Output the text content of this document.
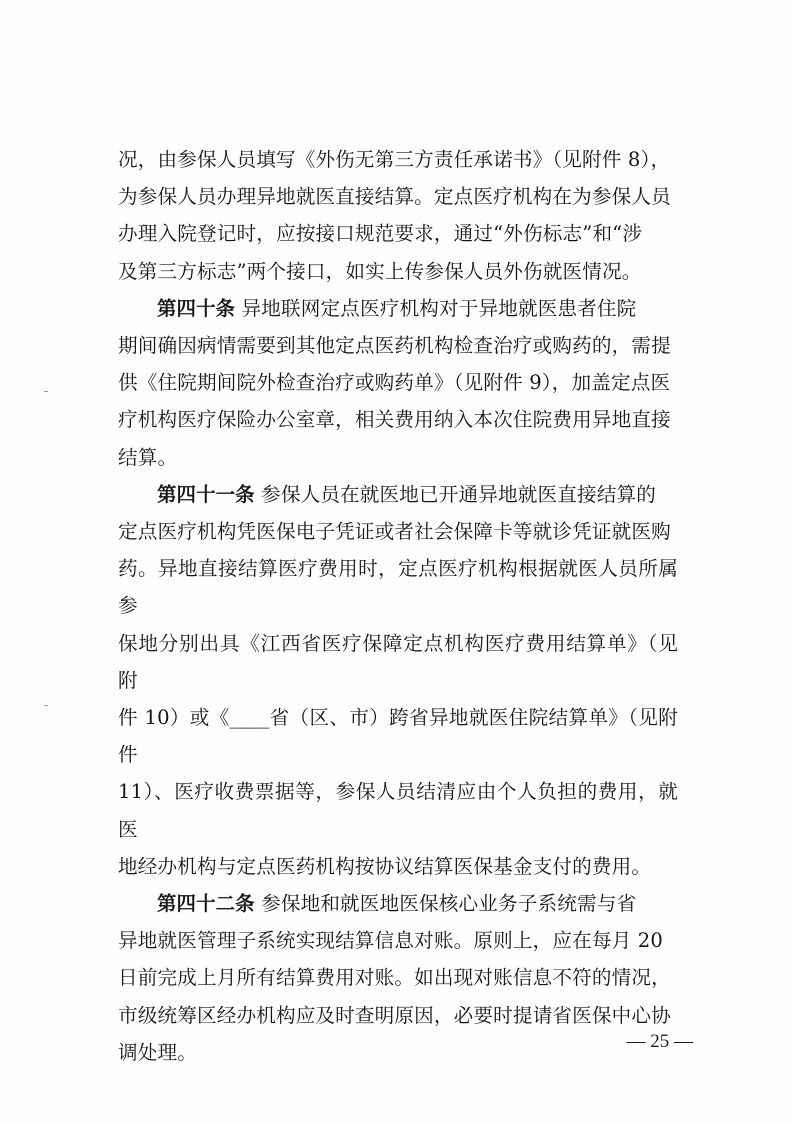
况，由参保人员填写《外伤无第三方责任承诺书》（见附件 8），

为参保人员办理异地就医直接结算。定点医疗机构在为参保人员

办理入院登记时，应按接口规范要求，通过“外伤标志”和“涉

及第三方标志”两个接口，如实上传参保人员外伤就医情况。

第四十条 异地联网定点医疗机构对于异地就医患者住院

期间确因病情需要到其他定点医药机构检查治疗或购药的，需提

供《住院期间院外检查治疗或购药单》（见附件 9），加盖定点医

疗机构医疗保险办公室章，相关费用纳入本次住院费用异地直接

结算。

第四十一条 参保人员在就医地已开通异地就医直接结算的

定点医疗机构凭医保电子凭证或者社会保障卡等就诊凭证就医购

药。异地直接结算医疗费用时，定点医疗机构根据就医人员所属参

保地分别出具《江西省医疗保障定点机构医疗费用结算单》（见附

件 10）或《____省（区、市）跨省异地就医住院结算单》（见附件

11）、医疗收费票据等，参保人员结清应由个人负担的费用，就医

地经办机构与定点医药机构按协议结算医保基金支付的费用。

第四十二条 参保地和就医地医保核心业务子系统需与省

异地就医管理子系统实现结算信息对账。原则上，应在每月 20

日前完成上月所有结算费用对账。如出现对账信息不符的情况，

市级统筹区经办机构应及时查明原因，必要时提请省医保中心协

调处理。	— 25 —
